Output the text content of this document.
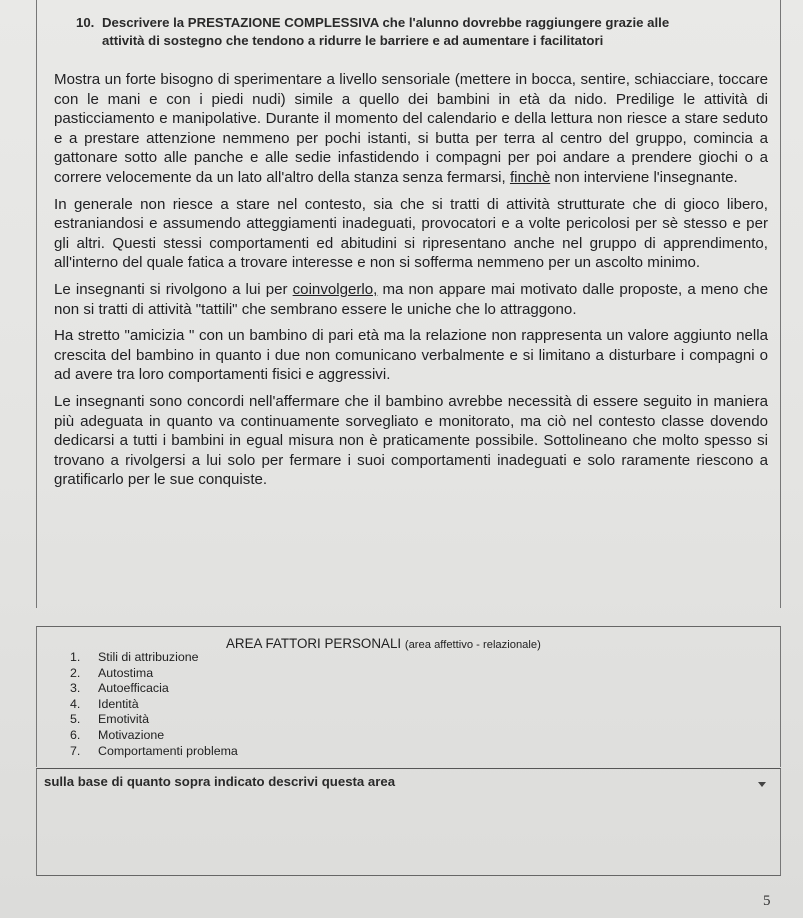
10. Descrivere la PRESTAZIONE COMPLESSIVA che l'alunno dovrebbe raggiungere grazie alle
attività di sostegno che tendono a ridurre le barriere e ad aumentare i facilitatori

Mostra un forte bisogno di sperimentare a livello sensoriale (mettere in bocca, sentire, schiacciare, toccare con le mani e con i piedi nudi) simile a quello dei bambini in età da nido. Predilige le attività di pasticciamento e manipolative. Durante il momento del calendario e della lettura non riesce a stare seduto e a prestare attenzione nemmeno per pochi istanti, si butta per terra al centro del gruppo, comincia a gattonare sotto alle panche e alle sedie infastidendo i compagni per poi andare a prendere giochi o a correre velocemente da un lato all'altro della stanza senza fermarsi, finchè non interviene l'insegnante.

In generale non riesce a stare nel contesto, sia che si tratti di attività strutturate che di gioco libero, estraniandosi e assumendo atteggiamenti inadeguati, provocatori e a volte pericolosi per sè stesso e per gli altri. Questi stessi comportamenti ed abitudini si ripresentano anche nel gruppo di apprendimento, all'interno del quale fatica a trovare interesse e non si sofferma nemmeno per un ascolto minimo.

Le insegnanti si rivolgono a lui per coinvolgerlo, ma non appare mai motivato dalle proposte, a meno che non si tratti di attività "tattili" che sembrano essere le uniche che lo attraggono.

Ha stretto "amicizia " con un bambino di pari età ma la relazione non rappresenta un valore aggiunto nella crescita del bambino in quanto i due non comunicano verbalmente e si limitano a disturbare i compagni o ad avere tra loro comportamenti fisici e aggressivi.

Le insegnanti sono concordi nell'affermare che il bambino avrebbe necessità di essere seguito in maniera più adeguata in quanto va continuamente sorvegliato e monitorato, ma ciò nel contesto classe dovendo dedicarsi a tutti i bambini in egual misura non è praticamente possibile. Sottolineano che molto spesso si trovano a rivolgersi a lui solo per fermare i suoi comportamenti inadeguati e solo raramente riescono a gratificarlo per le sue conquiste.

AREA FATTORI PERSONALI (area affettivo - relazionale)
1.	Stili di attribuzione
2.	Autostima
3.	Autoefficacia
4.	Identità
5.	Emotività
6.	Motivazione
7.	Comportamenti problema
sulla base di quanto sopra indicato descrivi questa area
5
